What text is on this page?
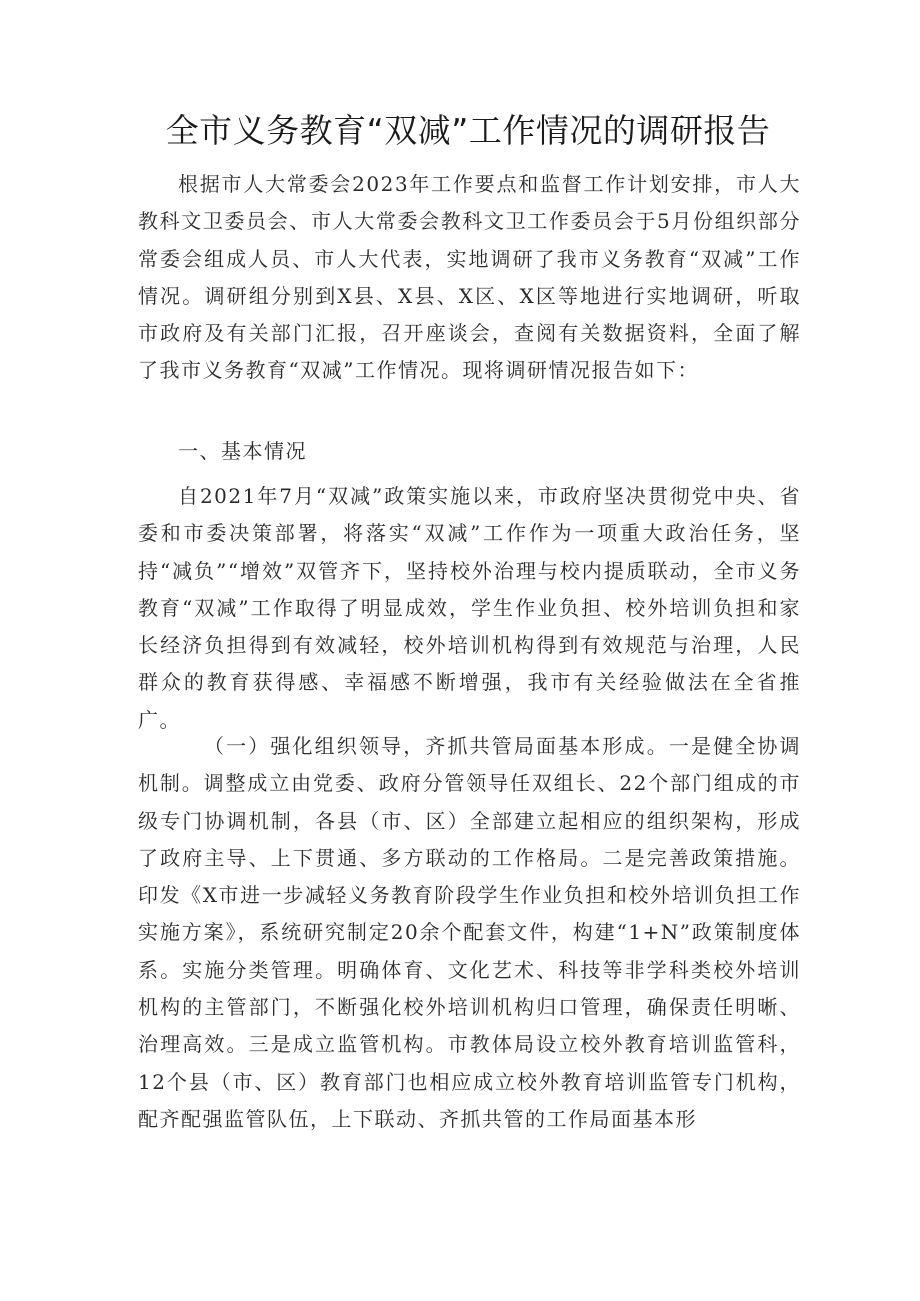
全市义务教育“双减”工作情况的调研报告

根据市人大常委会2023年工作要点和监督工作计划安排，市人大教科文卫委员会、市人大常委会教科文卫工作委员会于5月份组织部分常委会组成人员、市人大代表，实地调研了我市义务教育“双减”工作情况。调研组分别到X县、X县、X区、X区等地进行实地调研，听取市政府及有关部门汇报，召开座谈会，查阅有关数据资料，全面了解了我市义务教育“双减”工作情况。现将调研情况报告如下：

一、基本情况

自2021年7月“双减”政策实施以来，市政府坚决贯彻党中央、省委和市委决策部署，将落实“双减”工作作为一项重大政治任务，坚持“减负”“增效”双管齐下，坚持校外治理与校内提质联动，全市义务教育“双减”工作取得了明显成效，学生作业负担、校外培训负担和家长经济负担得到有效减轻，校外培训机构得到有效规范与治理，人民群众的教育获得感、幸福感不断增强，我市有关经验做法在全省推广。

（一）强化组织领导，齐抓共管局面基本形成。一是健全协调机制。调整成立由党委、政府分管领导任双组长、22个部门组成的市级专门协调机制，各县（市、区）全部建立起相应的组织架构，形成了政府主导、上下贯通、多方联动的工作格局。二是完善政策措施。印发《X市进一步减轻义务教育阶段学生作业负担和校外培训负担工作实施方案》，系统研究制定20余个配套文件，构建“1+N”政策制度体系。实施分类管理。明确体育、文化艺术、科技等非学科类校外培训机构的主管部门，不断强化校外培训机构归口管理，确保责任明晰、治理高效。三是成立监管机构。市教体局设立校外教育培训监管科，12个县（市、区）教育部门也相应成立校外教育培训监管专门机构，配齐配强监管队伍，上下联动、齐抓共管的工作局面基本形
